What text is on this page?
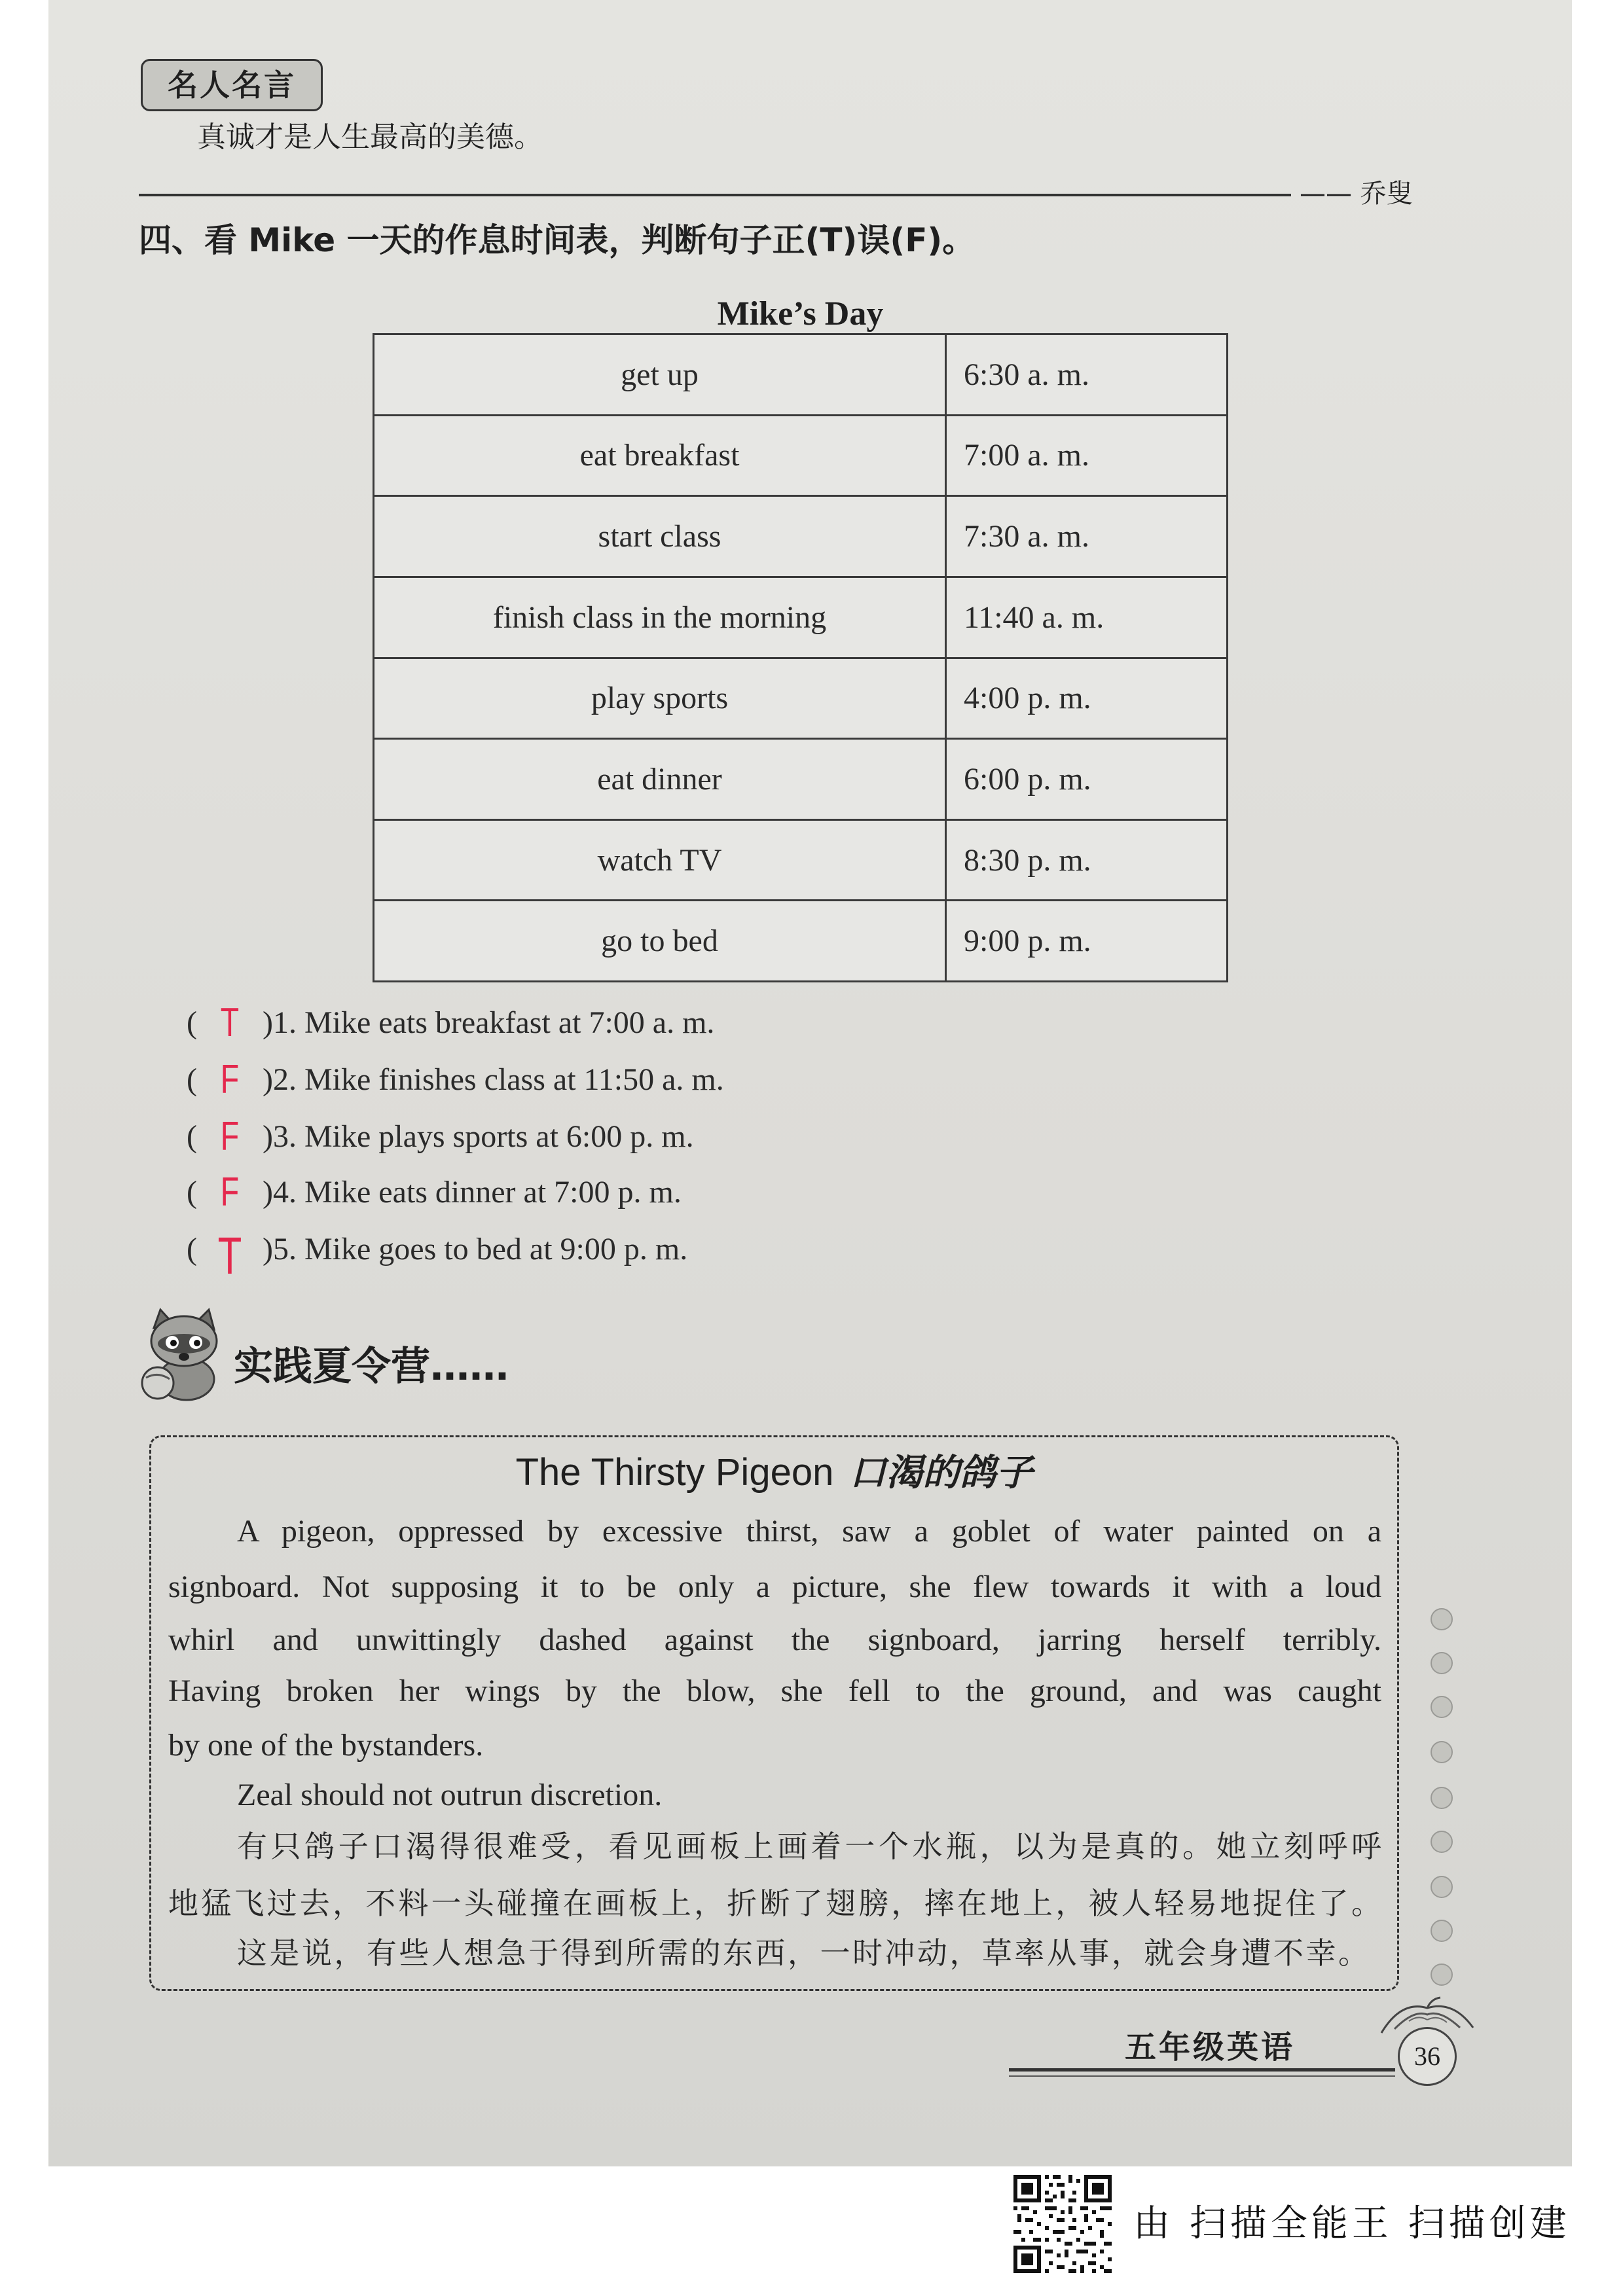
名人名言
真诚才是人生最高的美德。
—— 乔叟
四、看 Mike 一天的作息时间表，判断句子正(T)误(F)。
Mike’s Day
get up	6:30 a. m.
eat breakfast	7:00 a. m.
start class	7:30 a. m.
finish class in the morning	11:40 a. m.
play sports	4:00 p. m.
eat dinner	6:00 p. m.
watch TV	8:30 p. m.
go to bed	9:00 p. m.
( T )1. Mike eats breakfast at 7:00 a. m.
( F )2. Mike finishes class at 11:50 a. m.
( F )3. Mike plays sports at 6:00 p. m.
( F )4. Mike eats dinner at 7:00 p. m.
( T )5. Mike goes to bed at 9:00 p. m.
实践夏令营……
The Thirsty Pigeon 口渴的鸽子
A pigeon, oppressed by excessive thirst, saw a goblet of water painted on a
signboard. Not supposing it to be only a picture, she flew towards it with a loud
whirl and unwittingly dashed against the signboard, jarring herself terribly.
Having broken her wings by the blow, she fell to the ground, and was caught
by one of the bystanders.
Zeal should not outrun discretion.
有只鸽子口渴得很难受，看见画板上画着一个水瓶，以为是真的。她立刻呼呼
地猛飞过去，不料一头碰撞在画板上，折断了翅膀，摔在地上，被人轻易地捉住了。
这是说，有些人想急于得到所需的东西，一时冲动，草率从事，就会身遭不幸。
五年级英语	36
由 扫描全能王 扫描创建
